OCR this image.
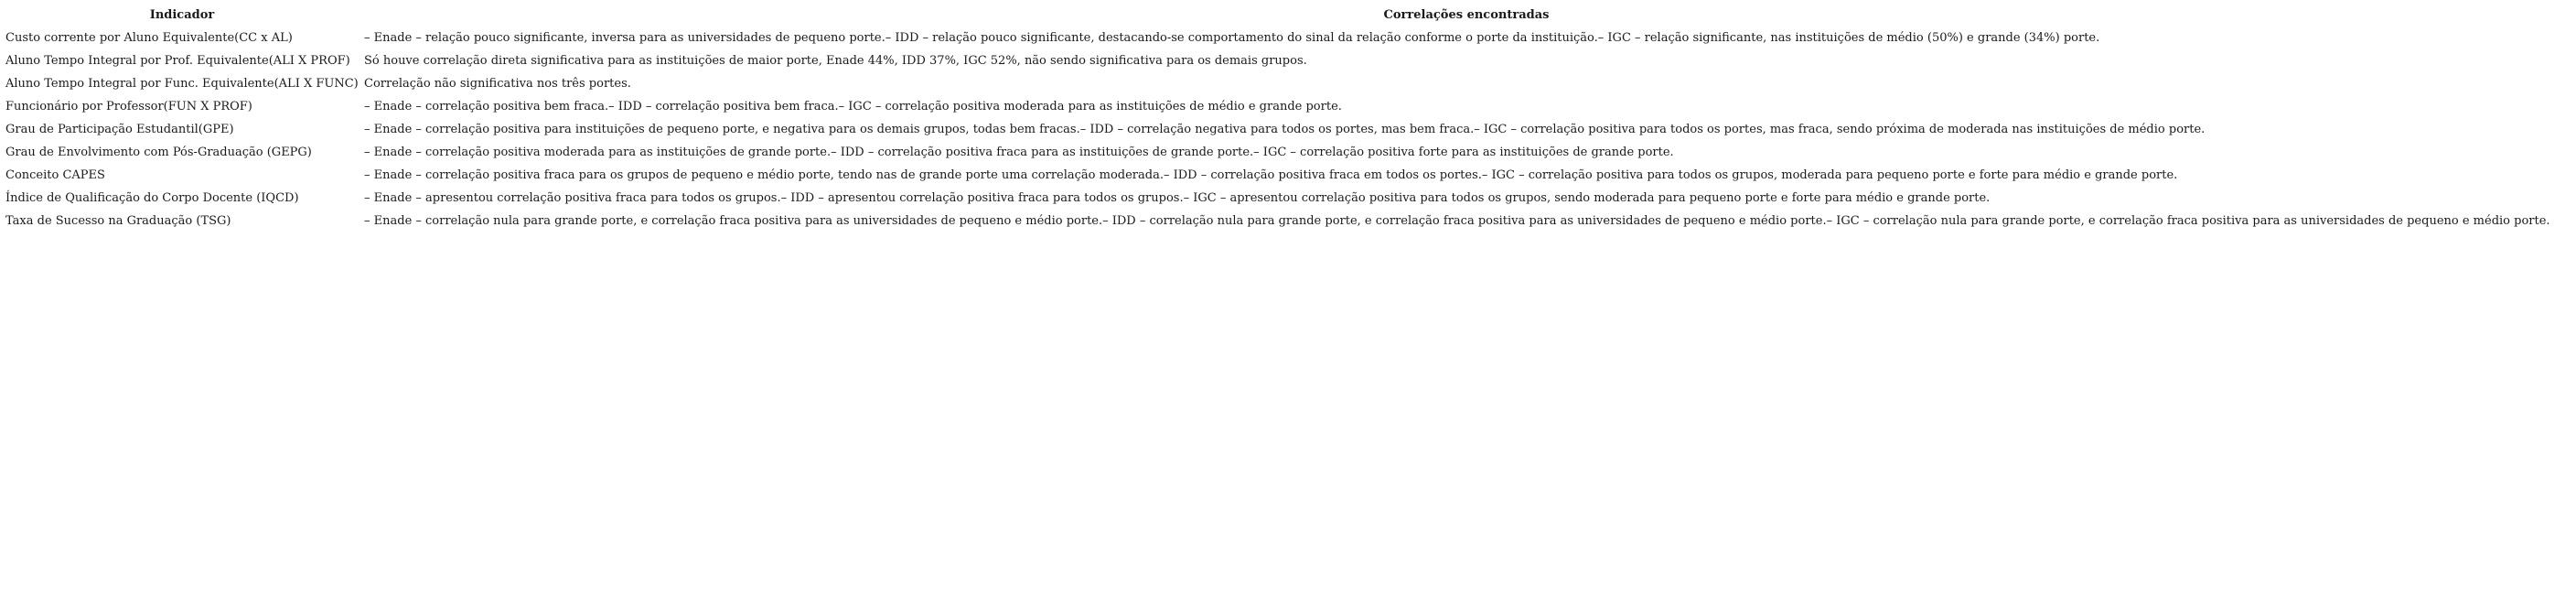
Indicador	Correlações encontradas
Custo corrente por Aluno Equivalente(CC x AL)	– Enade – relação pouco significante, inversa para as universidades de pequeno porte.– IDD – relação pouco significante, destacando-se comportamento do sinal da relação conforme o porte da instituição.– IGC – relação significante, nas instituições de médio (50%) e grande (34%) porte.
Aluno Tempo Integral por Prof. Equivalente(ALI X PROF)	Só houve correlação direta significativa para as instituições de maior porte, Enade 44%, IDD 37%, IGC 52%, não sendo significativa para os demais grupos.
Aluno Tempo Integral por Func. Equivalente(ALI X FUNC)	Correlação não significativa nos três portes.
Funcionário por Professor(FUN X PROF)	– Enade – correlação positiva bem fraca.– IDD – correlação positiva bem fraca.– IGC – correlação positiva moderada para as instituições de médio e grande porte.
Grau de Participação Estudantil(GPE)	– Enade – correlação positiva para instituições de pequeno porte, e negativa para os demais grupos, todas bem fracas.– IDD – correlação negativa para todos os portes, mas bem fraca.– IGC – correlação positiva para todos os portes, mas fraca, sendo próxima de moderada nas instituições de médio porte.
Grau de Envolvimento com Pós-Graduação (GEPG)	– Enade – correlação positiva moderada para as instituições de grande porte.– IDD – correlação positiva fraca para as instituições de grande porte.– IGC – correlação positiva forte para as instituições de grande porte.
Conceito CAPES	– Enade – correlação positiva fraca para os grupos de pequeno e médio porte, tendo nas de grande porte uma correlação moderada.– IDD – correlação positiva fraca em todos os portes.– IGC – correlação positiva para todos os grupos, moderada para pequeno porte e forte para médio e grande porte.
Índice de Qualificação do Corpo Docente (IQCD)	– Enade – apresentou correlação positiva fraca para todos os grupos.– IDD – apresentou correlação positiva fraca para todos os grupos.– IGC – apresentou correlação positiva para todos os grupos, sendo moderada para pequeno porte e forte para médio e grande porte.
Taxa de Sucesso na Graduação (TSG)	– Enade – correlação nula para grande porte, e correlação fraca positiva para as universidades de pequeno e médio porte.– IDD – correlação nula para grande porte, e correlação fraca positiva para as universidades de pequeno e médio porte.– IGC – correlação nula para grande porte, e correlação fraca positiva para as universidades de pequeno e médio porte.
